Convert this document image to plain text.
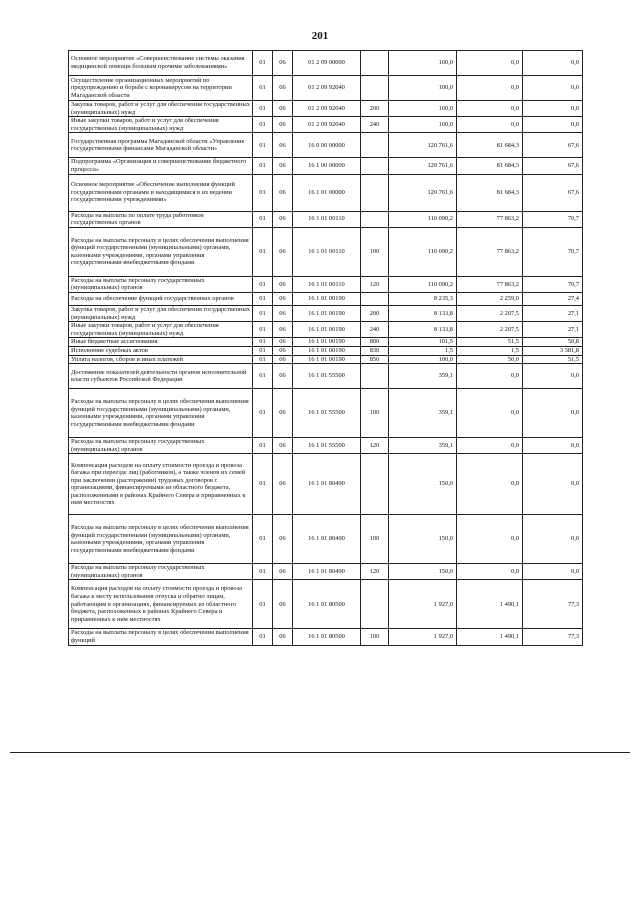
201
Основное мероприятие «Совершенствование системы оказания медицинской помощи больным прочими заболеваниями»	01	06	01 2 09 00000		100,0	0,0	0,0
Осуществление организационных мероприятий по предупреждению и борьбе с коронавирусом на территории Магаданской области	01	06	01 2 09 92040		100,0	0,0	0,0
Закупка товаров, работ и услуг для обеспечения государственных (муниципальных) нужд	01	06	01 2 09 92040	200	100,0	0,0	0,0
Иные закупки товаров, работ и услуг для обеспечения государственных (муниципальных) нужд	01	06	01 2 09 92040	240	100,0	0,0	0,0
Государственная программа Магаданской области «Управление государственными финансами Магаданской области»	01	06	16 0 00 00000		120 761,6	81 684,3	67,6
Подпрограмма «Организация и совершенствование бюджетного процесса»	01	06	16 1 00 00000		120 761,6	81 684,3	67,6
Основное мероприятие «Обеспечение выполнения функций государственными органами и находящимися в их ведении государственными учреждениями»	01	06	16 1 01 00000		120 761,6	81 684,3	67,6
Расходы на выплаты по оплате труда работников государственных органов	01	06	16 1 01 00110		110 090,2	77 863,2	70,7
Расходы на выплаты персоналу в целях обеспечения выполнения функций государственными (муниципальными) органами, казенными учреждениями, органами управления государственными внебюджетными фондами	01	06	16 1 01 00110	100	110 090,2	77 863,2	70,7
Расходы на выплаты персоналу государственных (муниципальных) органов	01	06	16 1 01 00110	120	110 090,2	77 863,2	70,7
Расходы на обеспечение функций государственных органов	01	06	16 1 01 00190		8 235,3	2 259,0	27,4
Закупка товаров, работ и услуг для обеспечения государственных (муниципальных) нужд	01	06	16 1 01 00190	200	8 133,8	2 207,5	27,1
Иные закупки товаров, работ и услуг для обеспечения государственных (муниципальных) нужд	01	06	16 1 01 00190	240	8 133,8	2 207,5	27,1
Иные бюджетные ассигнования	01	06	16 1 01 00190	800	101,5	51,5	50,8
Исполнение судебных актов	01	06	16 1 01 00190	830	1,5	1,5	3 381,8
Уплата налогов, сборов и иных платежей	01	06	16 1 01 00190	850	100,0	50,0	51,5
Достижение показателей деятельности органов исполнительной власти субъектов Российской Федерации	01	06	16 1 01 55500		359,1	0,0	0,0
Расходы на выплаты персоналу в целях обеспечения выполнения функций государственными (муниципальными) органами, казенными учреждениями, органами управления государственными внебюджетными фондами	01	06	16 1 01 55500	100	359,1	0,0	0,0
Расходы на выплаты персоналу государственных (муниципальных) органов	01	06	16 1 01 55500	120	359,1	0,0	0,0
Компенсация расходов на оплату стоимости проезда и провоза багажа при переезде лиц (работников), а также членов их семей при заключении (расторжении) трудовых договоров с организациями, финансируемыми из областного бюджета, расположенными в районах Крайнего Севера и приравненных к ним местностях	01	06	16 1 01 80490		150,0	0,0	0,0
Расходы на выплаты персоналу в целях обеспечения выполнения функций государственными (муниципальными) органами, казенными учреждениями, органами управления государственными внебюджетными фондами	01	06	16 1 01 80490	100	150,0	0,0	0,0
Расходы на выплаты персоналу государственных (муниципальных) органов	01	06	16 1 01 80490	120	150,0	0,0	0,0
Компенсация расходов на оплату стоимости проезда и провоза багажа к месту использования отпуска и обратно лицам, работающим в организациях, финансируемых из областного бюджета, расположенных в районах Крайнего Севера и приравненных к ним местностях	01	06	16 1 01 80500		1 927,0	1 490,1	77,3
Расходы на выплаты персоналу в целях обеспечения выполнения функций	01	06	16 1 01 80500	100	1 927,0	1 490,1	77,3
